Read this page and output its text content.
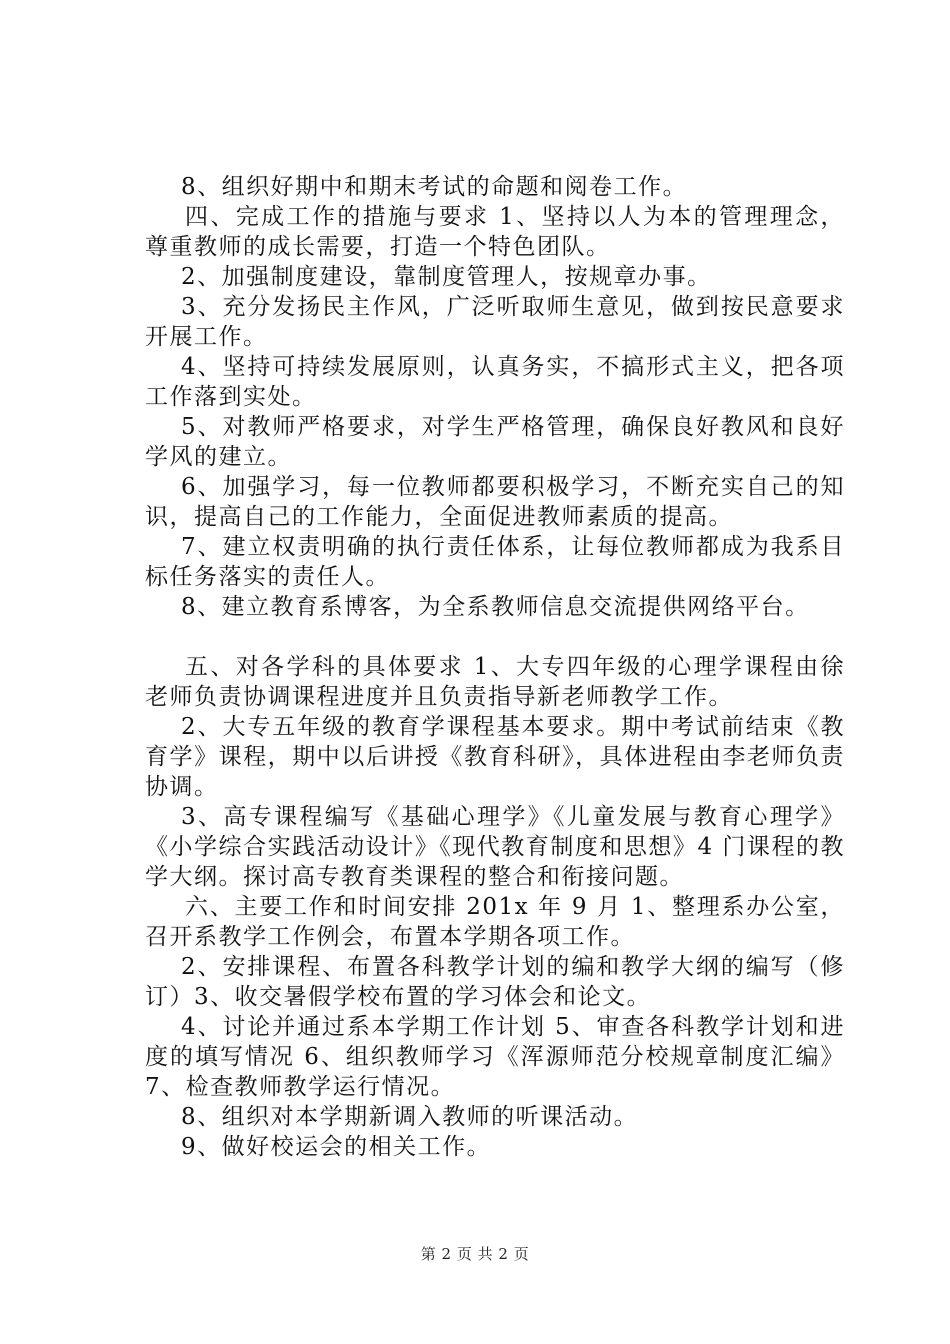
8、组织好期中和期末考试的命题和阅卷工作。

四、完成工作的措施与要求 1、坚持以人为本的管理理念，尊重教师的成长需要，打造一个特色团队。

2、加强制度建设，靠制度管理人，按规章办事。

3、充分发扬民主作风，广泛听取师生意见，做到按民意要求开展工作。

4、坚持可持续发展原则，认真务实，不搞形式主义，把各项工作落到实处。

5、对教师严格要求，对学生严格管理，确保良好教风和良好学风的建立。

6、加强学习，每一位教师都要积极学习，不断充实自己的知识，提高自己的工作能力，全面促进教师素质的提高。

7、建立权责明确的执行责任体系，让每位教师都成为我系目标任务落实的责任人。

8、建立教育系博客，为全系教师信息交流提供网络平台。

五、对各学科的具体要求 1、大专四年级的心理学课程由徐老师负责协调课程进度并且负责指导新老师教学工作。

2、大专五年级的教育学课程基本要求。期中考试前结束《教育学》课程，期中以后讲授《教育科研》，具体进程由李老师负责协调。

3、高专课程编写《基础心理学》《儿童发展与教育心理学》《小学综合实践活动设计》《现代教育制度和思想》4 门课程的教学大纲。探讨高专教育类课程的整合和衔接问题。

六、主要工作和时间安排 201x 年 9 月 1、整理系办公室，召开系教学工作例会，布置本学期各项工作。

2、安排课程、布置各科教学计划的编和教学大纲的编写（修订）3、收交暑假学校布置的学习体会和论文。

4、讨论并通过系本学期工作计划 5、审查各科教学计划和进度的填写情况 6、组织教师学习《浑源师范分校规章制度汇编》7、检查教师教学运行情况。

8、组织对本学期新调入教师的听课活动。

9、做好校运会的相关工作。

第 2 页 共 2 页
